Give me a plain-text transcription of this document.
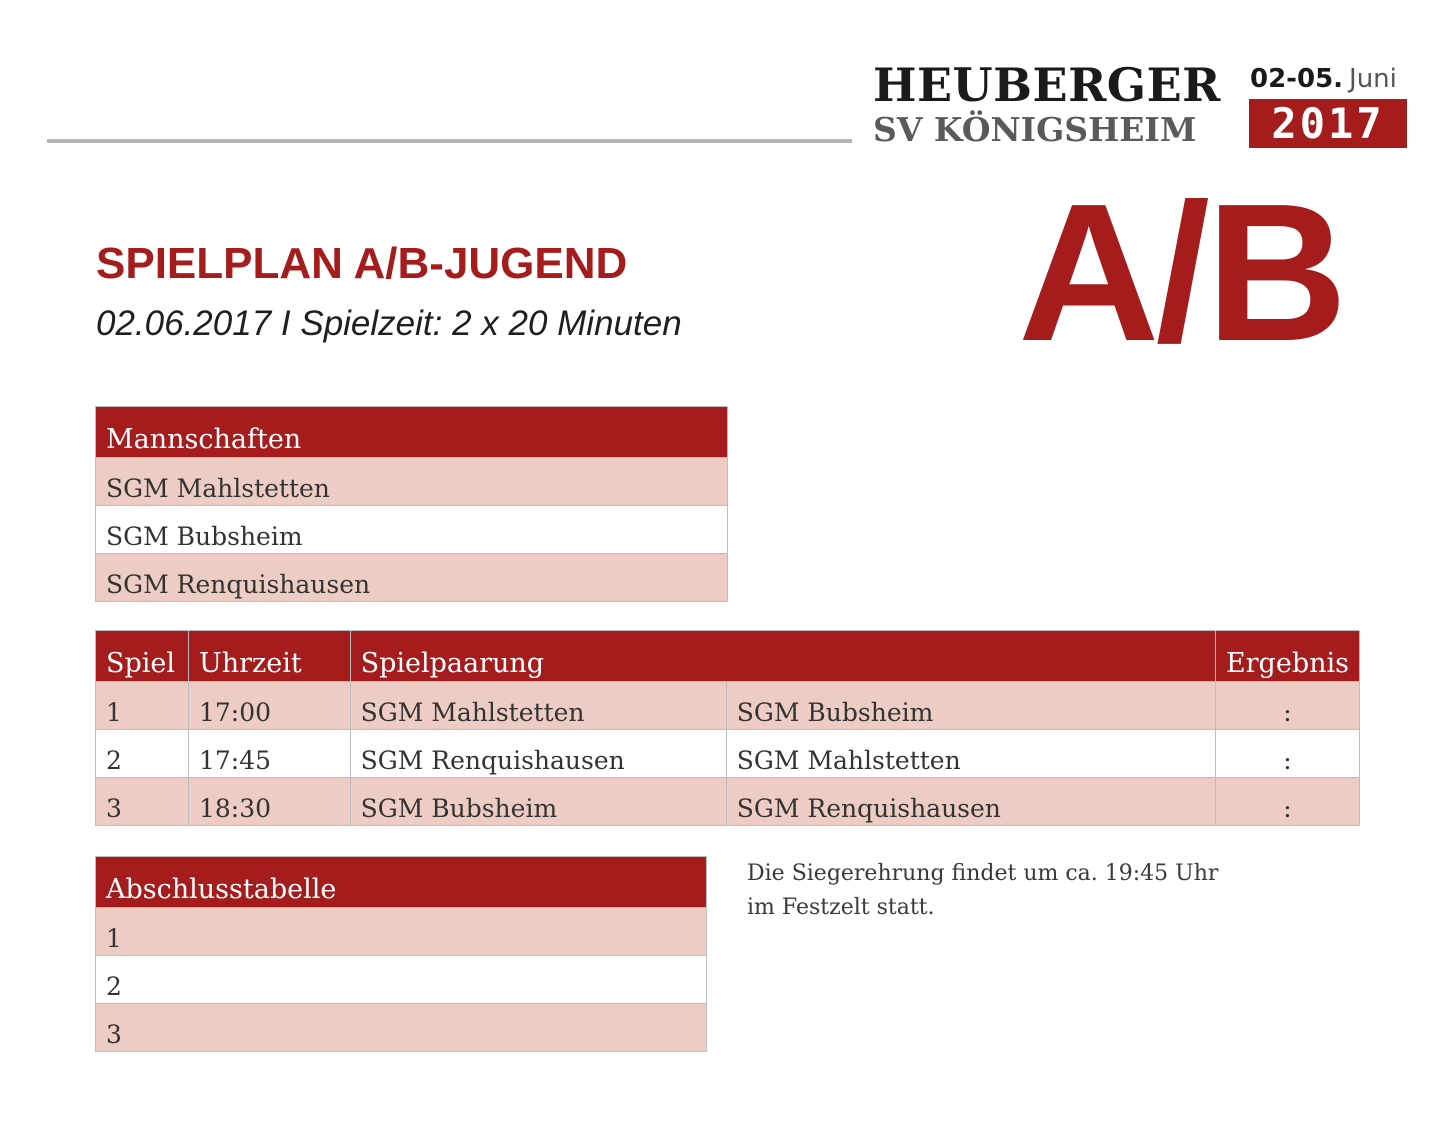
HEUBERGER
SV KÖNIGSHEIM
02-05. Juni
2017
A/B
SPIELPLAN A/B-JUGEND
02.06.2017 I Spielzeit: 2 x 20 Minuten
Mannschaften
SGM Mahlstetten
SGM Bubsheim
SGM Renquishausen
Spiel	Uhrzeit	Spielpaarung		Ergebnis
1	17:00	SGM Mahlstetten	SGM Bubsheim	:
2	17:45	SGM Renquishausen	SGM Mahlstetten	:
3	18:30	SGM Bubsheim	SGM Renquishausen	:
Abschlusstabelle
1
2
3
Die Siegerehrung findet um ca. 19:45 Uhr
im Festzelt statt.
